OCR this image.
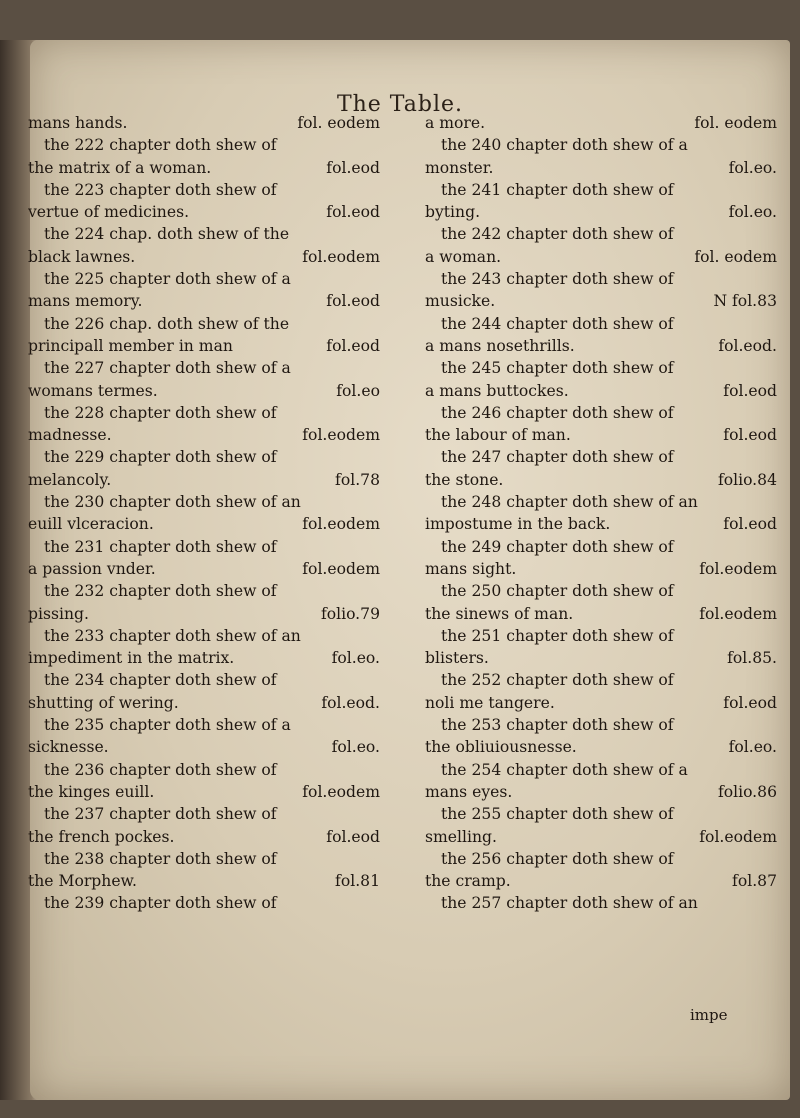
The Table.
mans hands.	fol. eodem
the 222 chapter doth shew of
the matrix of a woman.	fol.eod
the 223 chapter doth shew of
vertue of medicines.	fol.eod
the 224 chap. doth shew of the
black lawnes.	fol.eodem
the 225 chapter doth shew of a
mans memory.	fol.eod
the 226 chap. doth shew of the
principall member in man	fol.eod
the 227 chapter doth shew of a
womans termes.	fol.eo
the 228 chapter doth shew of
madnesse.	fol.eodem
the 229 chapter doth shew of
melancoly.	fol.78
the 230 chapter doth shew of an
euill vlceracion.	fol.eodem
the 231 chapter doth shew of
a passion vnder.	fol.eodem
the 232 chapter doth shew of
pissing.	folio.79
the 233 chapter doth shew of an
impediment in the matrix.	fol.eo.
the 234 chapter doth shew of
shutting of wering.	fol.eod.
the 235 chapter doth shew of a
sicknesse.	fol.eo.
the 236 chapter doth shew of
the kinges euill.	fol.eodem
the 237 chapter doth shew of
the french pockes.	fol.eod
the 238 chapter doth shew of
the Morphew.	fol.81
the 239 chapter doth shew of
a more.	fol. eodem
the 240 chapter doth shew of a
monster.	fol.eo.
the 241 chapter doth shew of
byting.	fol.eo.
the 242 chapter doth shew of
a woman.	fol. eodem
the 243 chapter doth shew of
musicke.	N fol.83
the 244 chapter doth shew of
a mans nosethrills.	fol.eod.
the 245 chapter doth shew of
a mans buttockes.	fol.eod
the 246 chapter doth shew of
the labour of man.	fol.eod
the 247 chapter doth shew of
the stone.	folio.84
the 248 chapter doth shew of an
impostume in the back.	fol.eod
the 249 chapter doth shew of
mans sight.	fol.eodem
the 250 chapter doth shew of
the sinews of man.	fol.eodem
the 251 chapter doth shew of
blisters.	fol.85.
the 252 chapter doth shew of
noli me tangere.	fol.eod
the 253 chapter doth shew of
the obliuiousnesse.	fol.eo.
the 254 chapter doth shew of a
mans eyes.	folio.86
the 255 chapter doth shew of
smelling.	fol.eodem
the 256 chapter doth shew of
the cramp.	fol.87
the 257 chapter doth shew of an
impe
